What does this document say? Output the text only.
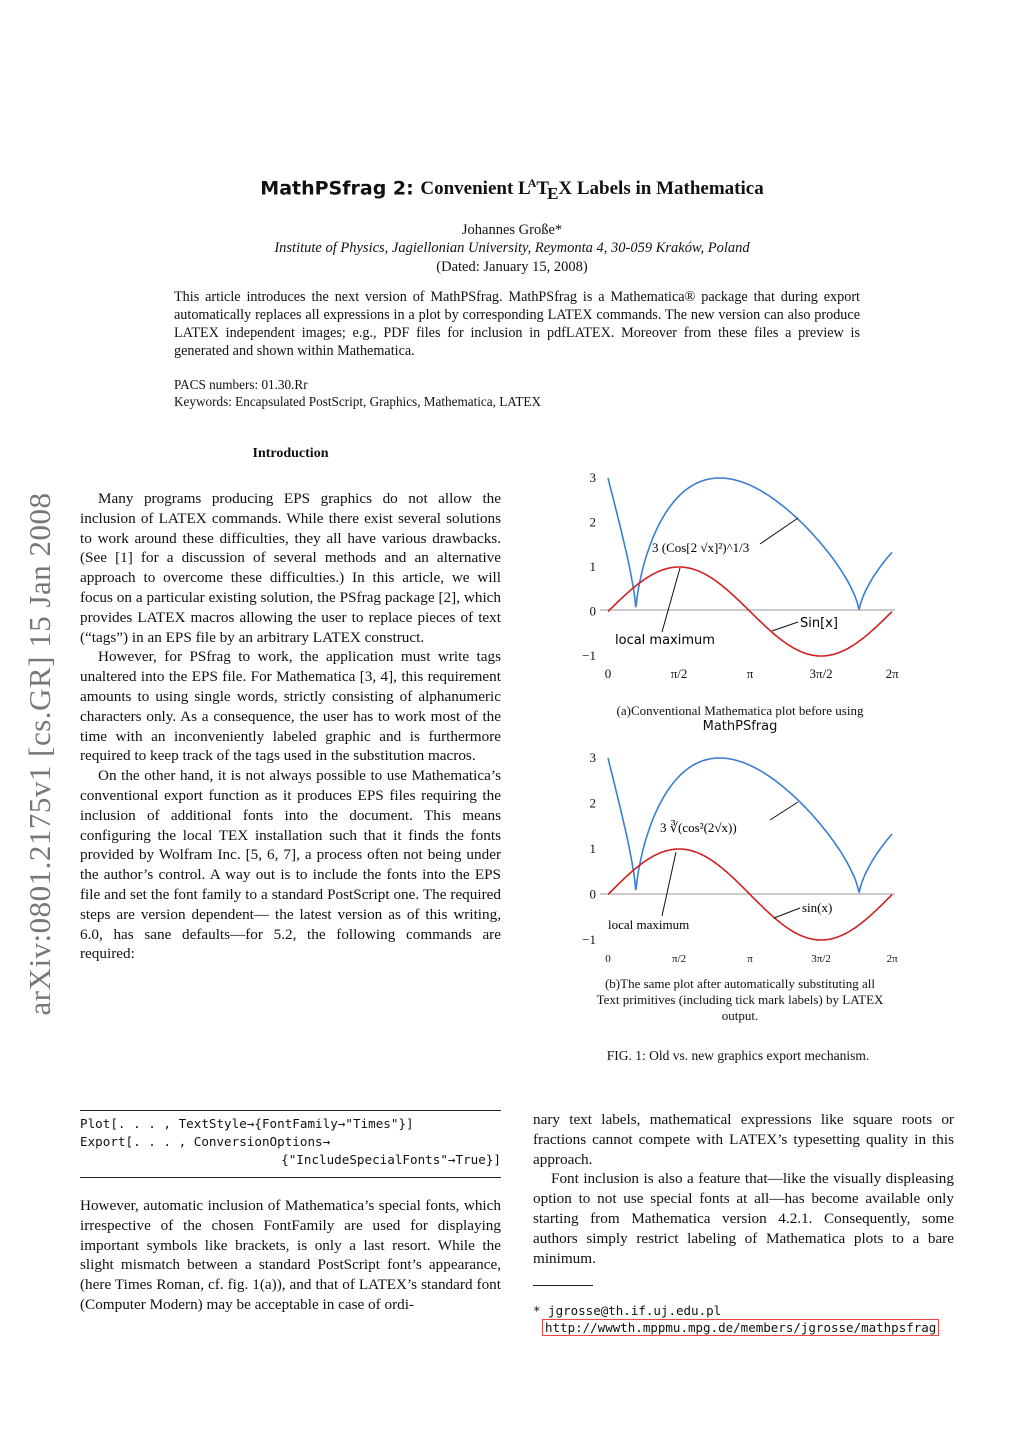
arXiv:0801.2175v1 [cs.GR] 15 Jan 2008
MathPSfrag 2: Convenient $L^AT_EX$ Labels in Mathematica
Johannes Große*
Institute of Physics, Jagiellonian University, Reymonta 4, 30-059 Kraków, Poland
(Dated: January 15, 2008)
This article introduces the next version of MathPSfrag. MathPSfrag is a Mathematica® package that during export automatically replaces all expressions in a plot by corresponding LATEX commands. The new version can also produce LATEX independent images; e.g., PDF files for inclusion in pdfLATEX. Moreover from these files a preview is generated and shown within Mathematica.
PACS numbers: 01.30.Rr
Keywords: Encapsulated PostScript, Graphics, Mathematica, LATEX
Introduction

Many programs producing EPS graphics do not allow the inclusion of LATEX commands. While there exist several solutions to work around these difficulties, they all have various drawbacks. (See [1] for a discussion of several methods and an alternative approach to overcome these difficulties.) In this article, we will focus on a particular existing solution, the PSfrag package [2], which provides LATEX macros allowing the user to replace pieces of text (“tags”) in an EPS file by an arbitrary LATEX construct.

However, for PSfrag to work, the application must write tags unaltered into the EPS file. For Mathematica [3, 4], this requirement amounts to using single words, strictly consisting of alphanumeric characters only. As a consequence, the user has to work most of the time with an inconveniently labeled graphic and is furthermore required to keep track of the tags used in the substitution macros.

On the other hand, it is not always possible to use Mathematica’s conventional export function as it produces EPS files requiring the inclusion of additional fonts into the document. This means configuring the local TEX installation such that it finds the fonts provided by Wolfram Inc. [5, 6, 7], a process often not being under the author’s control. A way out is to include the fonts into the EPS file and set the font family to a standard PostScript one. The required steps are version dependent— the latest version as of this writing, 6.0, has sane defaults—for 5.2, the following commands are required:

Plot[. . . , TextStyle→{FontFamily→"Times"}]
Export[. . . , ConversionOptions→
{"IncludeSpecialFonts"→True}]
However, automatic inclusion of Mathematica’s special fonts, which irrespective of the chosen FontFamily are used for displaying important symbols like brackets, is only a last resort. While the slight mismatch between a standard PostScript font’s appearance, (here Times Roman, cf. fig. 1(a)), and that of LATEX’s standard font (Computer Modern) may be acceptable in case of ordi-
3
2
1
0
−1
0	π/2	π	3π/2	2π
3 (Cos[2 √x]²)^1/3
local maximum
Sin[x]
(a)Conventional Mathematica plot before using
MathPSfrag
3
2
1
0
−1
0	π/2	π	3π/2	2π
3 ∛(cos²(2√x))
local maximum
sin(x)
(b)The same plot after automatically substituting all
Text primitives (including tick mark labels) by LATEX
output.
FIG. 1: Old vs. new graphics export mechanism.

nary text labels, mathematical expressions like square roots or fractions cannot compete with LATEX’s typesetting quality in this approach.

Font inclusion is also a feature that—like the visually displeasing option to not use special fonts at all—has become available only starting from Mathematica version 4.2.1. Consequently, some authors simply restrict labeling of Mathematica plots to a bare minimum.

* jgrosse@th.if.uj.edu.pl
http://wwwth.mppmu.mpg.de/members/jgrosse/mathpsfrag
